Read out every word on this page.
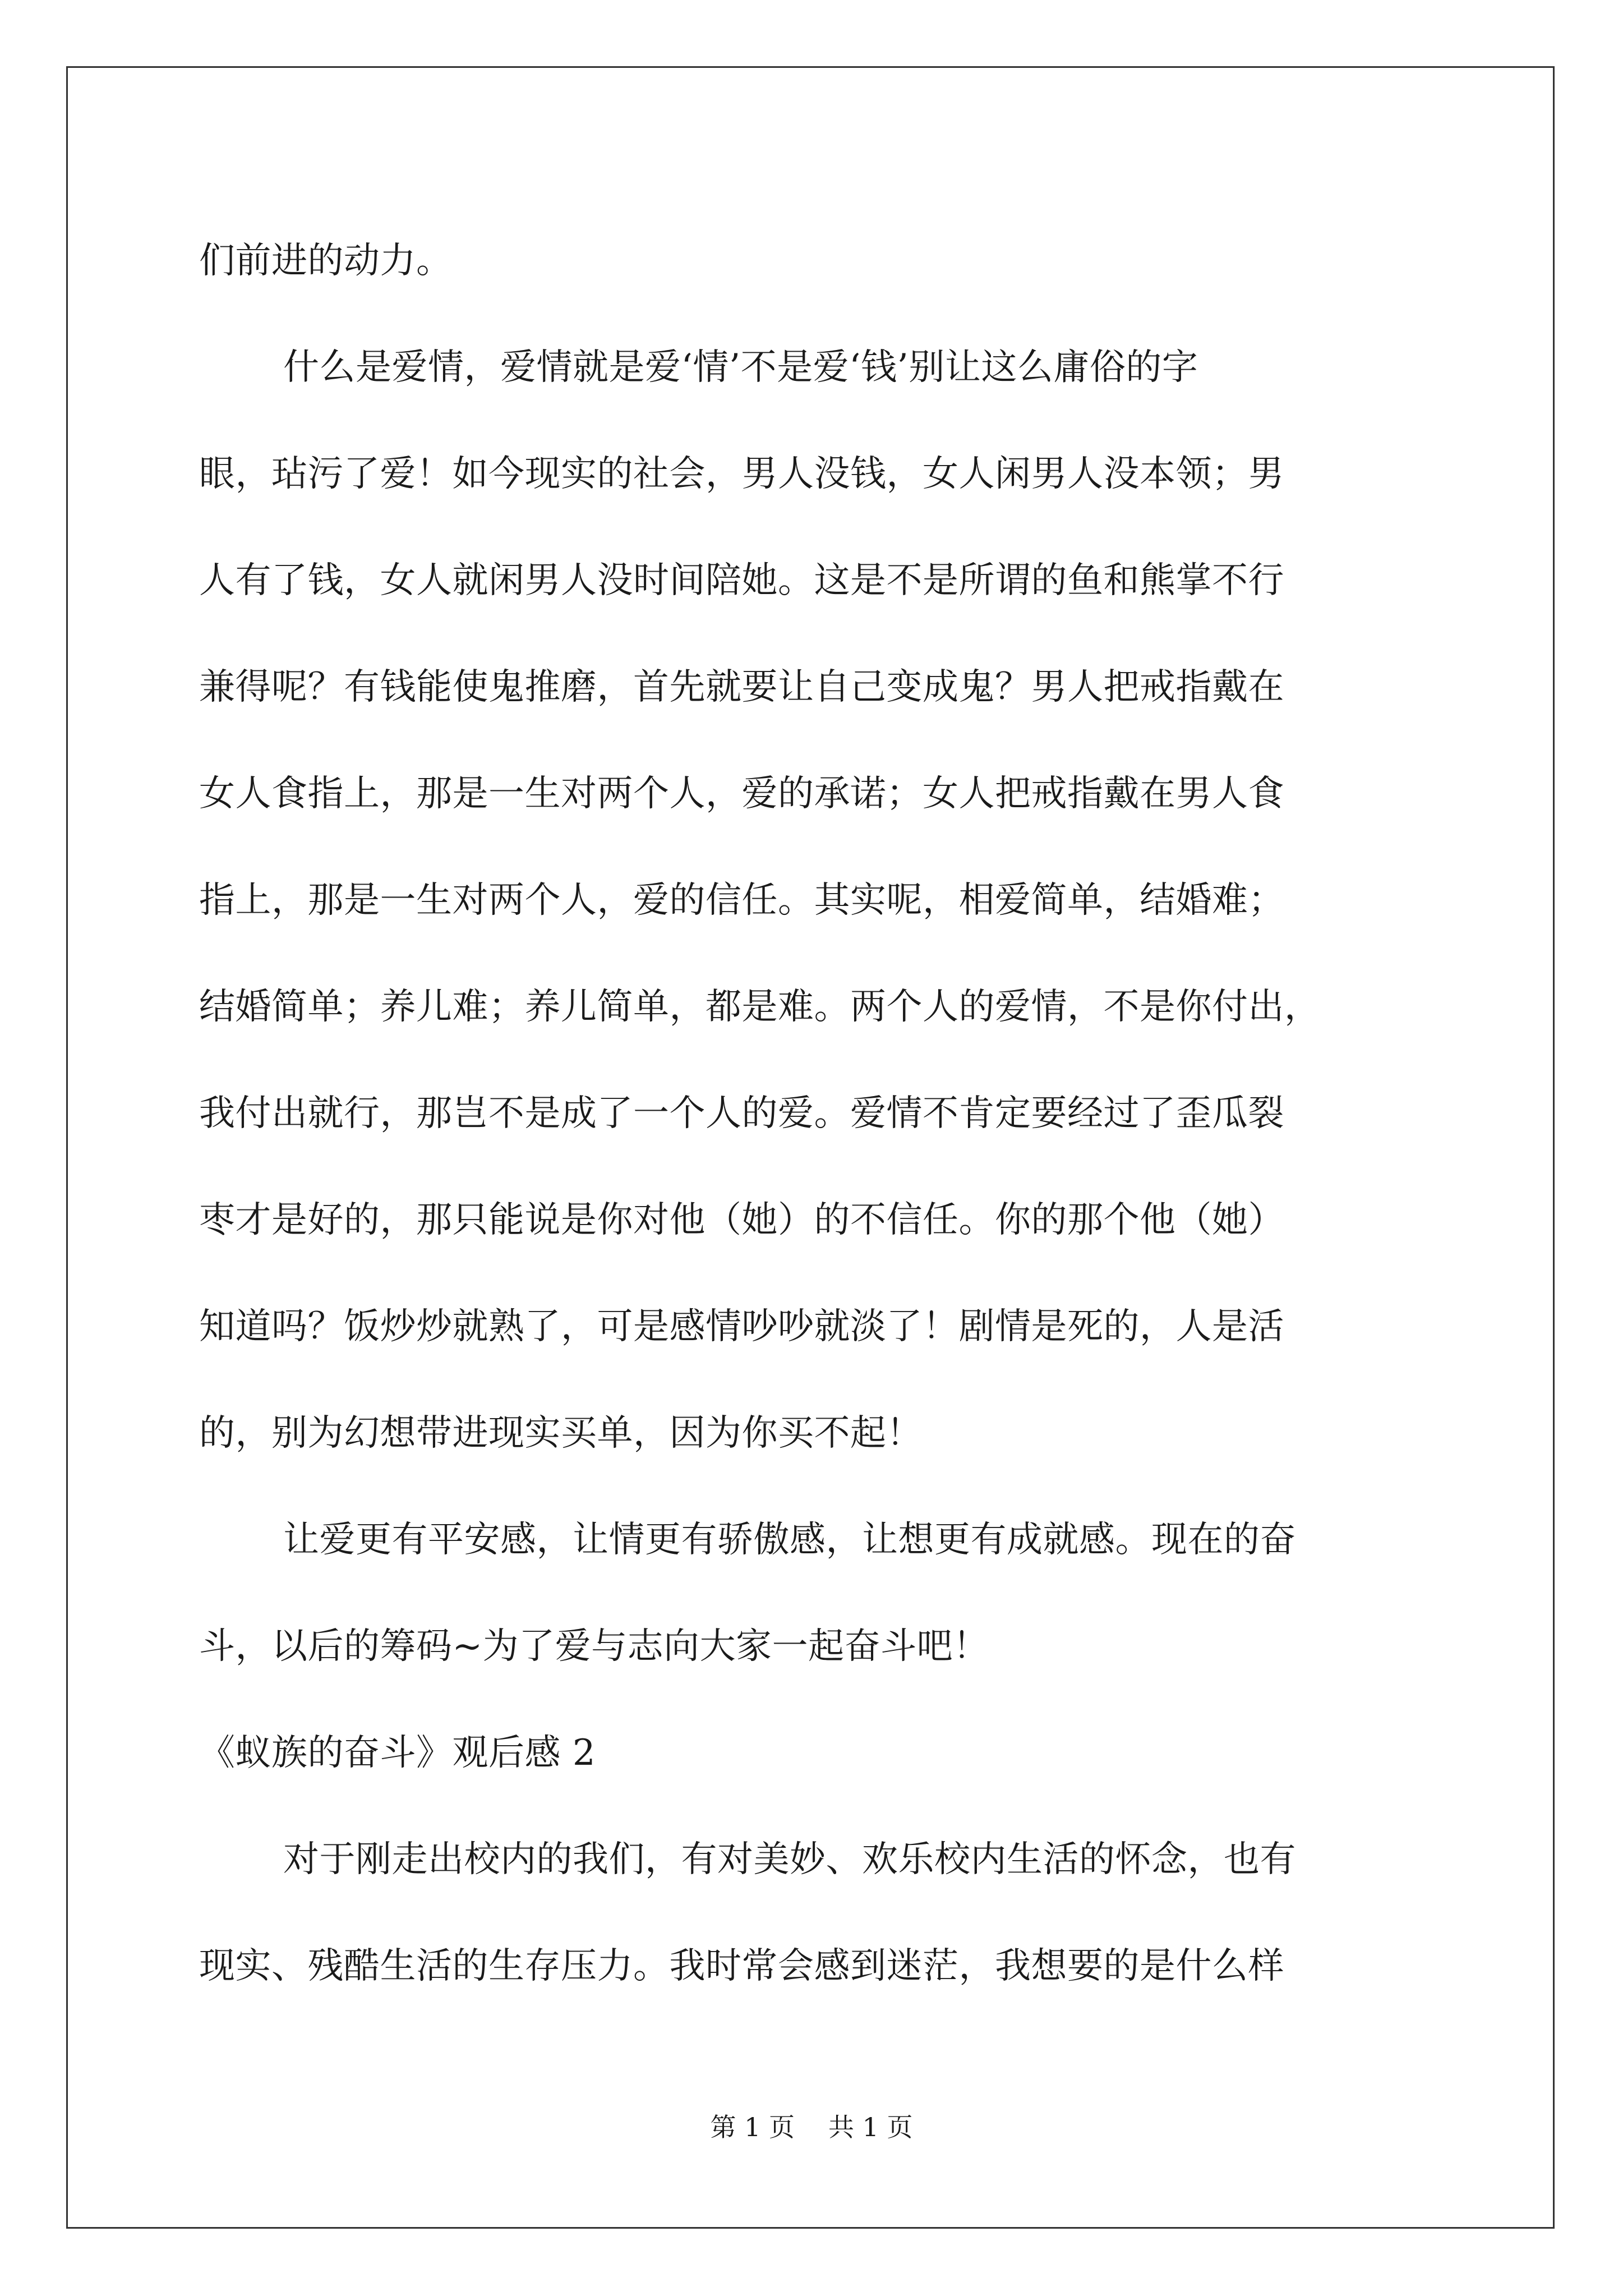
们前进的动力。
什么是爱情，爱情就是爱‘情’不是爱‘钱’别让这么庸俗的字
眼，玷污了爱！如今现实的社会，男人没钱，女人闲男人没本领；男
人有了钱，女人就闲男人没时间陪她。这是不是所谓的鱼和熊掌不行
兼得呢？有钱能使鬼推磨，首先就要让自己变成鬼？男人把戒指戴在
女人食指上，那是一生对两个人，爱的承诺；女人把戒指戴在男人食
指上，那是一生对两个人，爱的信任。其实呢，相爱简单，结婚难；
结婚简单；养儿难；养儿简单，都是难。两个人的爱情，不是你付出，
我付出就行，那岂不是成了一个人的爱。爱情不肯定要经过了歪瓜裂
枣才是好的，那只能说是你对他（她）的不信任。你的那个他（她）
知道吗？饭炒炒就熟了，可是感情吵吵就淡了！剧情是死的，人是活
的，别为幻想带进现实买单，因为你买不起！
让爱更有平安感，让情更有骄傲感，让想更有成就感。现在的奋
斗，以后的筹码~为了爱与志向大家一起奋斗吧！
《蚁族的奋斗》观后感 2
对于刚走出校内的我们，有对美妙、欢乐校内生活的怀念，也有
现实、残酷生活的生存压力。我时常会感到迷茫，我想要的是什么样
第 1 页 共 1 页
